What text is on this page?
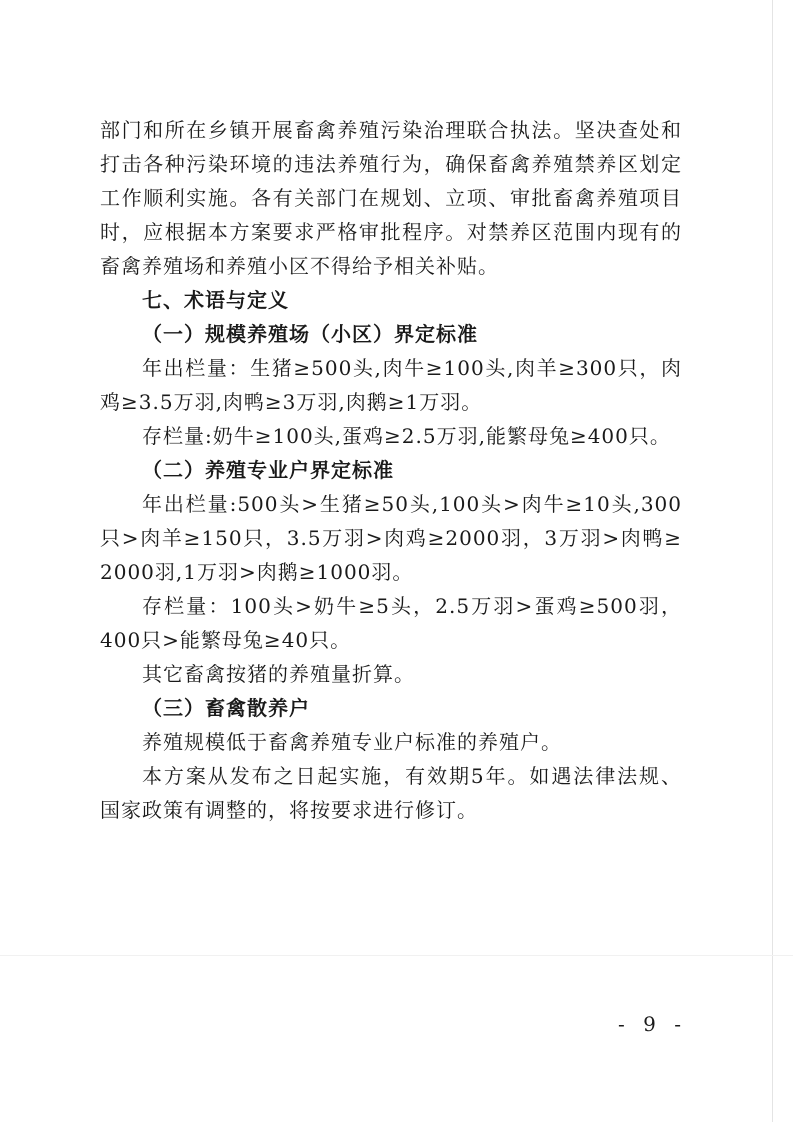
部门和所在乡镇开展畜禽养殖污染治理联合执法。坚决查处和
打击各种污染环境的违法养殖行为，确保畜禽养殖禁养区划定
工作顺利实施。各有关部门在规划、立项、审批畜禽养殖项目
时，应根据本方案要求严格审批程序。对禁养区范围内现有的
畜禽养殖场和养殖小区不得给予相关补贴。
七、术语与定义
（一）规模养殖场（小区）界定标准
年出栏量：生猪≥500头,肉牛≥100头,肉羊≥300只，肉
鸡≥3.5万羽,肉鸭≥3万羽,肉鹅≥1万羽。
存栏量:奶牛≥100头,蛋鸡≥2.5万羽,能繁母兔≥400只。
（二）养殖专业户界定标准
年出栏量:500头>生猪≥50头,100头>肉牛≥10头,300
只>肉羊≥150只，3.5万羽>肉鸡≥2000羽，3万羽>肉鸭≥
2000羽,1万羽>肉鹅≥1000羽。
存栏量：100头>奶牛≥5头，2.5万羽>蛋鸡≥500羽，
400只>能繁母兔≥40只。
其它畜禽按猪的养殖量折算。
（三）畜禽散养户
养殖规模低于畜禽养殖专业户标准的养殖户。
本方案从发布之日起实施，有效期5年。如遇法律法规、
国家政策有调整的，将按要求进行修订。
- 9 -
